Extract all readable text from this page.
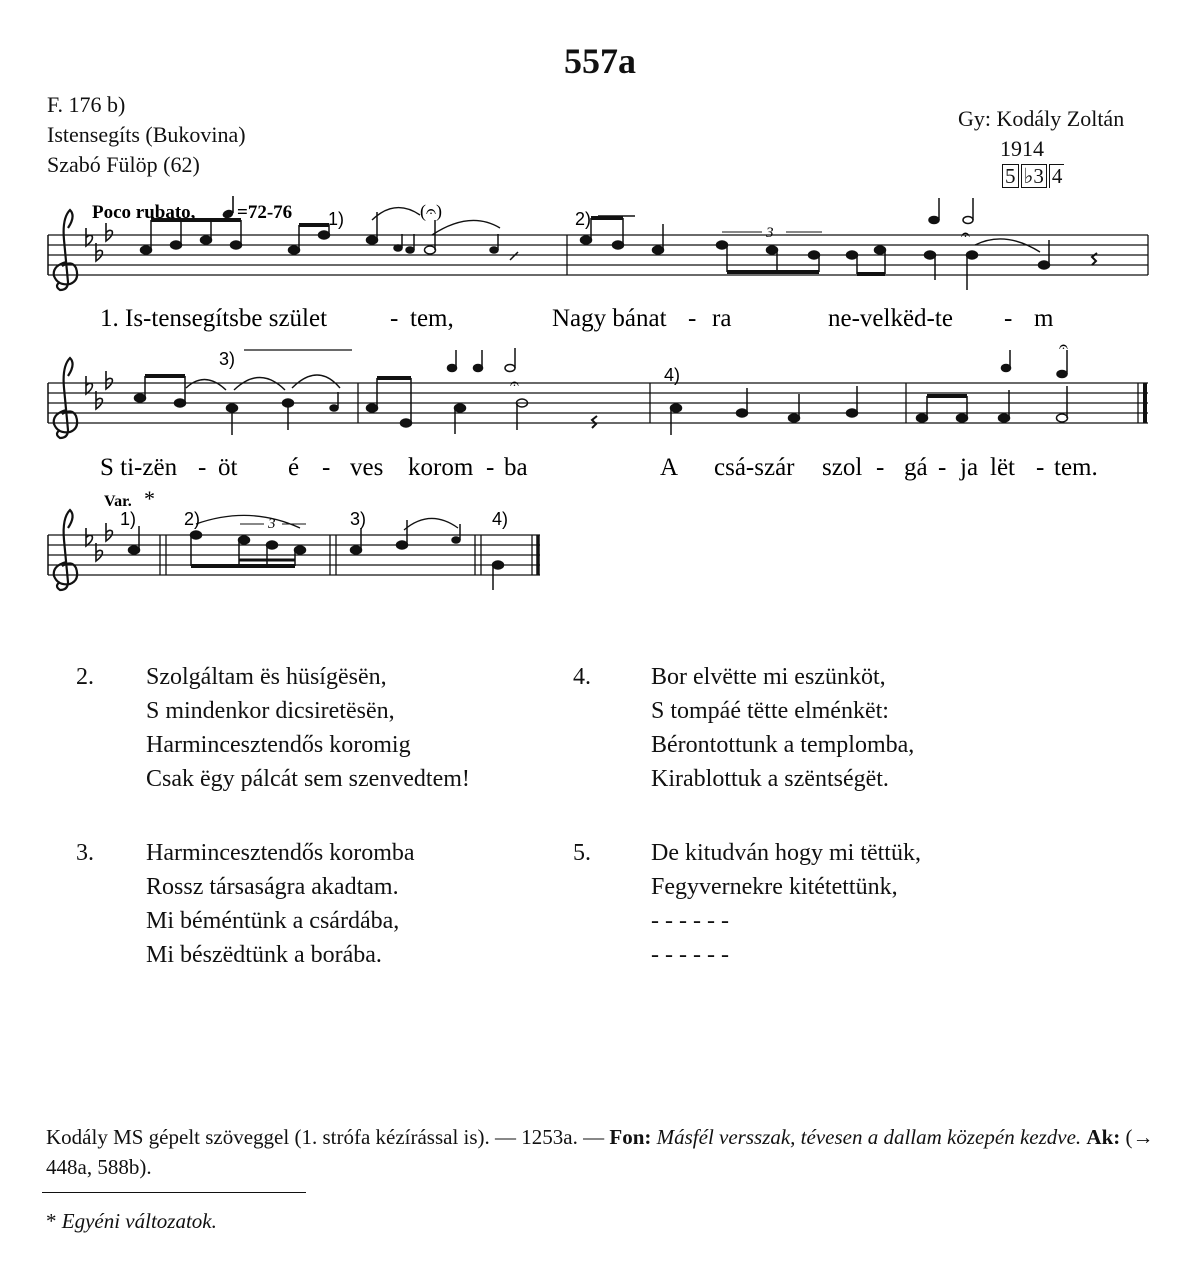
557a
F. 176 b)
Istensegíts (Bukovina)
Szabó Fülöp (62)
Gy: Kodály Zoltán
1914
5 ♭3 4
Poco rubato, =72-76
3
(𝄐)
𝄐
1)	2)
1. Is-tensegítsbe szület	- tem,	Nagy bánat - ra	ne-velkëd-te - m
3)
4)
𝄐
𝄐
S ti-zën - öt é - ves korom - ba	A csá-szár szol - gá - ja lët - tem.
Var. *
3
1)	2)	3)	4)
2. Szolgáltam ës hüsígësën,
S mindenkor dicsiretësën,
Harmincesztendős koromig
Csak ëgy pálcát sem szenvedtem!
3. Harmincesztendős koromba
Rossz társaságra akadtam.
Mi béméntünk a csárdába,
Mi bészëdtünk a borába.
4.	Bor elvëtte mi eszünköt,
S tompáé tëtte elménkët:
Bérontottunk a templomba,
Kirablottuk a szëntségët.
5.	De kitudván hogy mi tëttük,
Fegyvernekre kitétettünk,
- - - - - -
- - - - - -
Kodály MS gépelt szöveggel (1. strófa kézírással is). — 1253a. — Fon: Másfél versszak, tévesen a dallam közepén kezdve. Ak: (→ 448a, 588b).
* Egyéni változatok.
